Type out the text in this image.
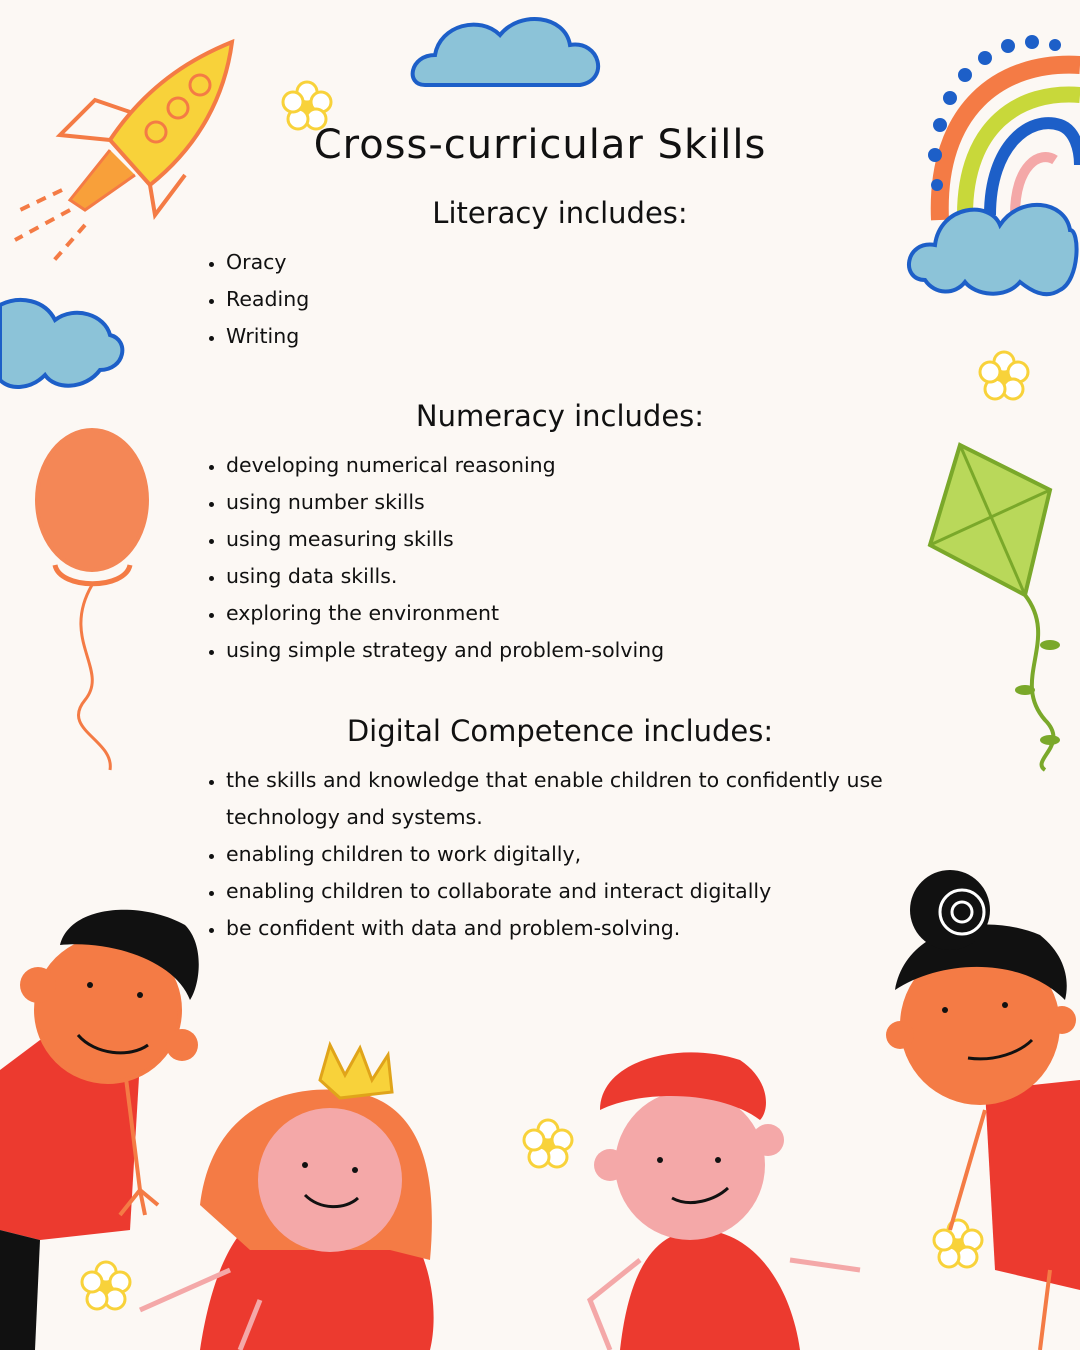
Cross-curricular Skills
Literacy includes:
• Oracy
• Reading
• Writing
Numeracy includes:
• developing numerical reasoning
• using number skills
• using measuring skills
• using data skills.
• exploring the environment
• using simple strategy and problem-solving
Digital Competence includes:
• the skills and knowledge that enable children to confidently use technology and systems.
• enabling children to work digitally,
• enabling children to collaborate and interact digitally
• be confident with data and problem-solving.
